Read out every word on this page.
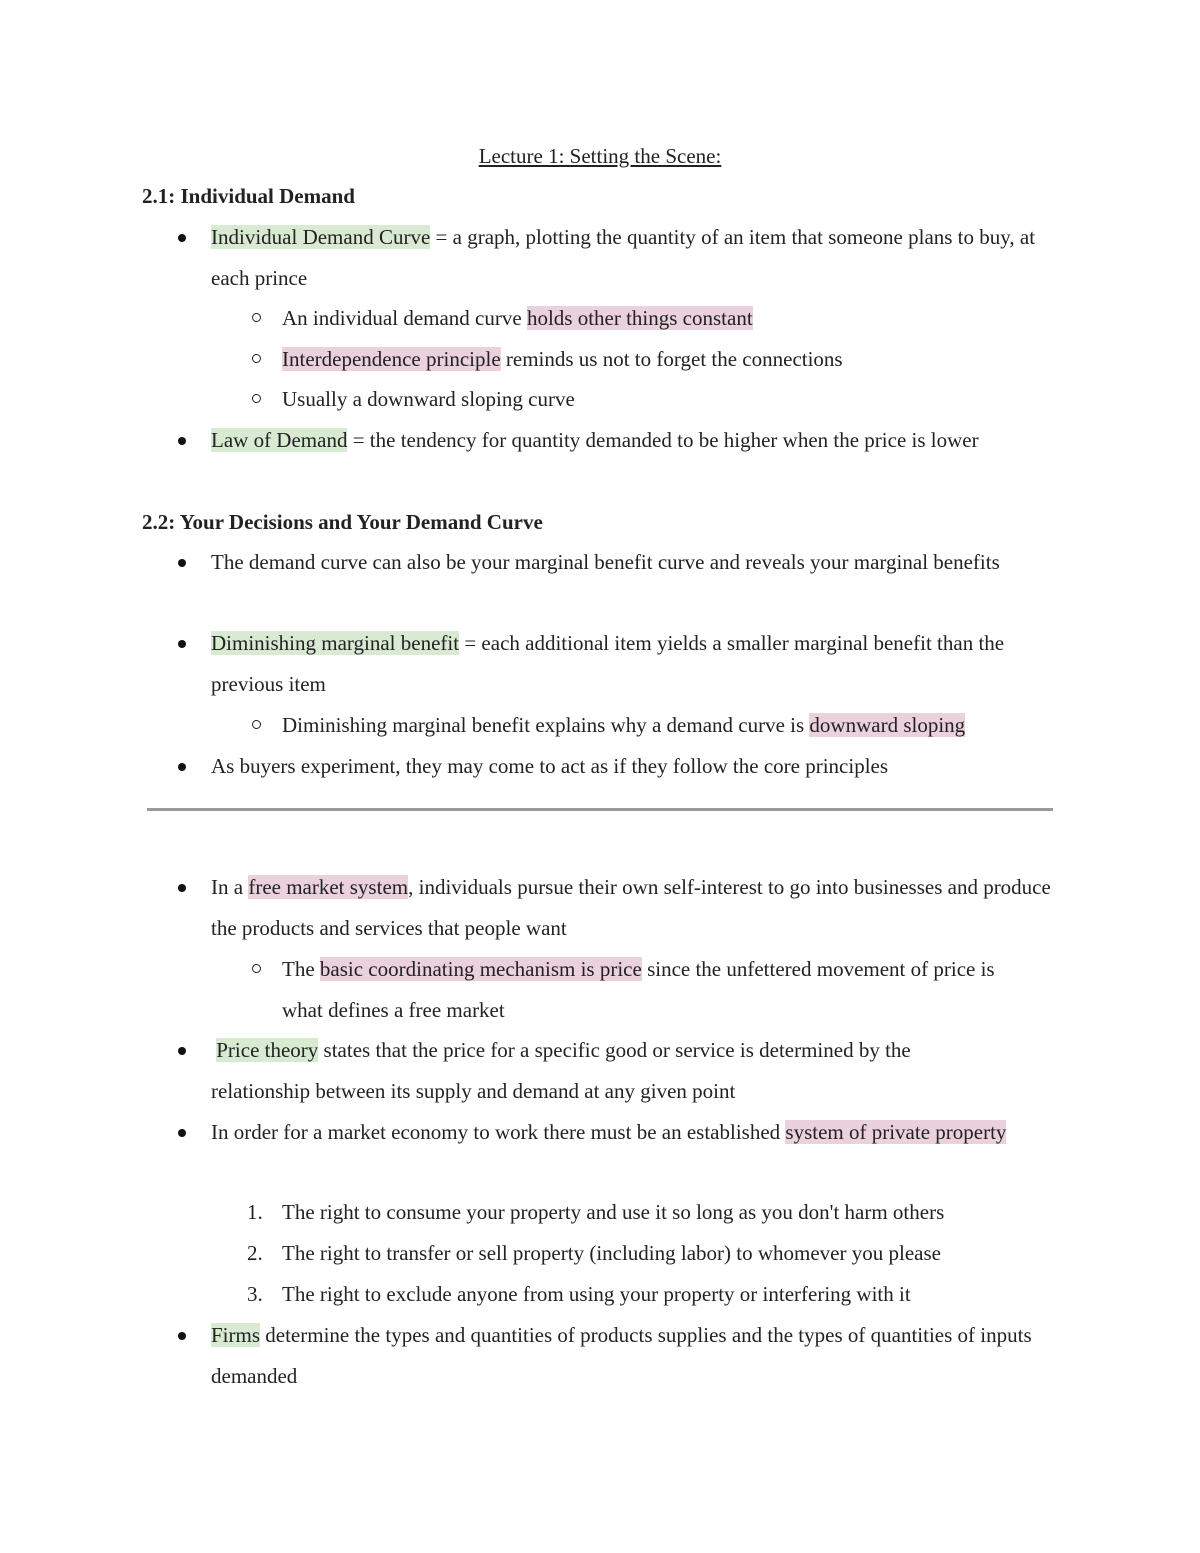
Lecture 1: Setting the Scene:
2.1: Individual Demand
Individual Demand Curve = a graph, plotting the quantity of an item that someone plans to buy, at each prince
An individual demand curve holds other things constant
Interdependence principle reminds us not to forget the connections
Usually a downward sloping curve
Law of Demand = the tendency for quantity demanded to be higher when the price is lower
2.2: Your Decisions and Your Demand Curve
The demand curve can also be your marginal benefit curve and reveals your marginal benefits
Diminishing marginal benefit = each additional item yields a smaller marginal benefit than the previous item
Diminishing marginal benefit explains why a demand curve is downward sloping
As buyers experiment, they may come to act as if they follow the core principles
In a free market system, individuals pursue their own self-interest to go into businesses and produce the products and services that people want
The basic coordinating mechanism is price since the unfettered movement of price is what defines a free market
Price theory states that the price for a specific good or service is determined by the relationship between its supply and demand at any given point
In order for a market economy to work there must be an established system of private property
1. The right to consume your property and use it so long as you don't harm others
2. The right to transfer or sell property (including labor) to whomever you please
3. The right to exclude anyone from using your property or interfering with it
Firms determine the types and quantities of products supplies and the types of quantities of inputs demanded
